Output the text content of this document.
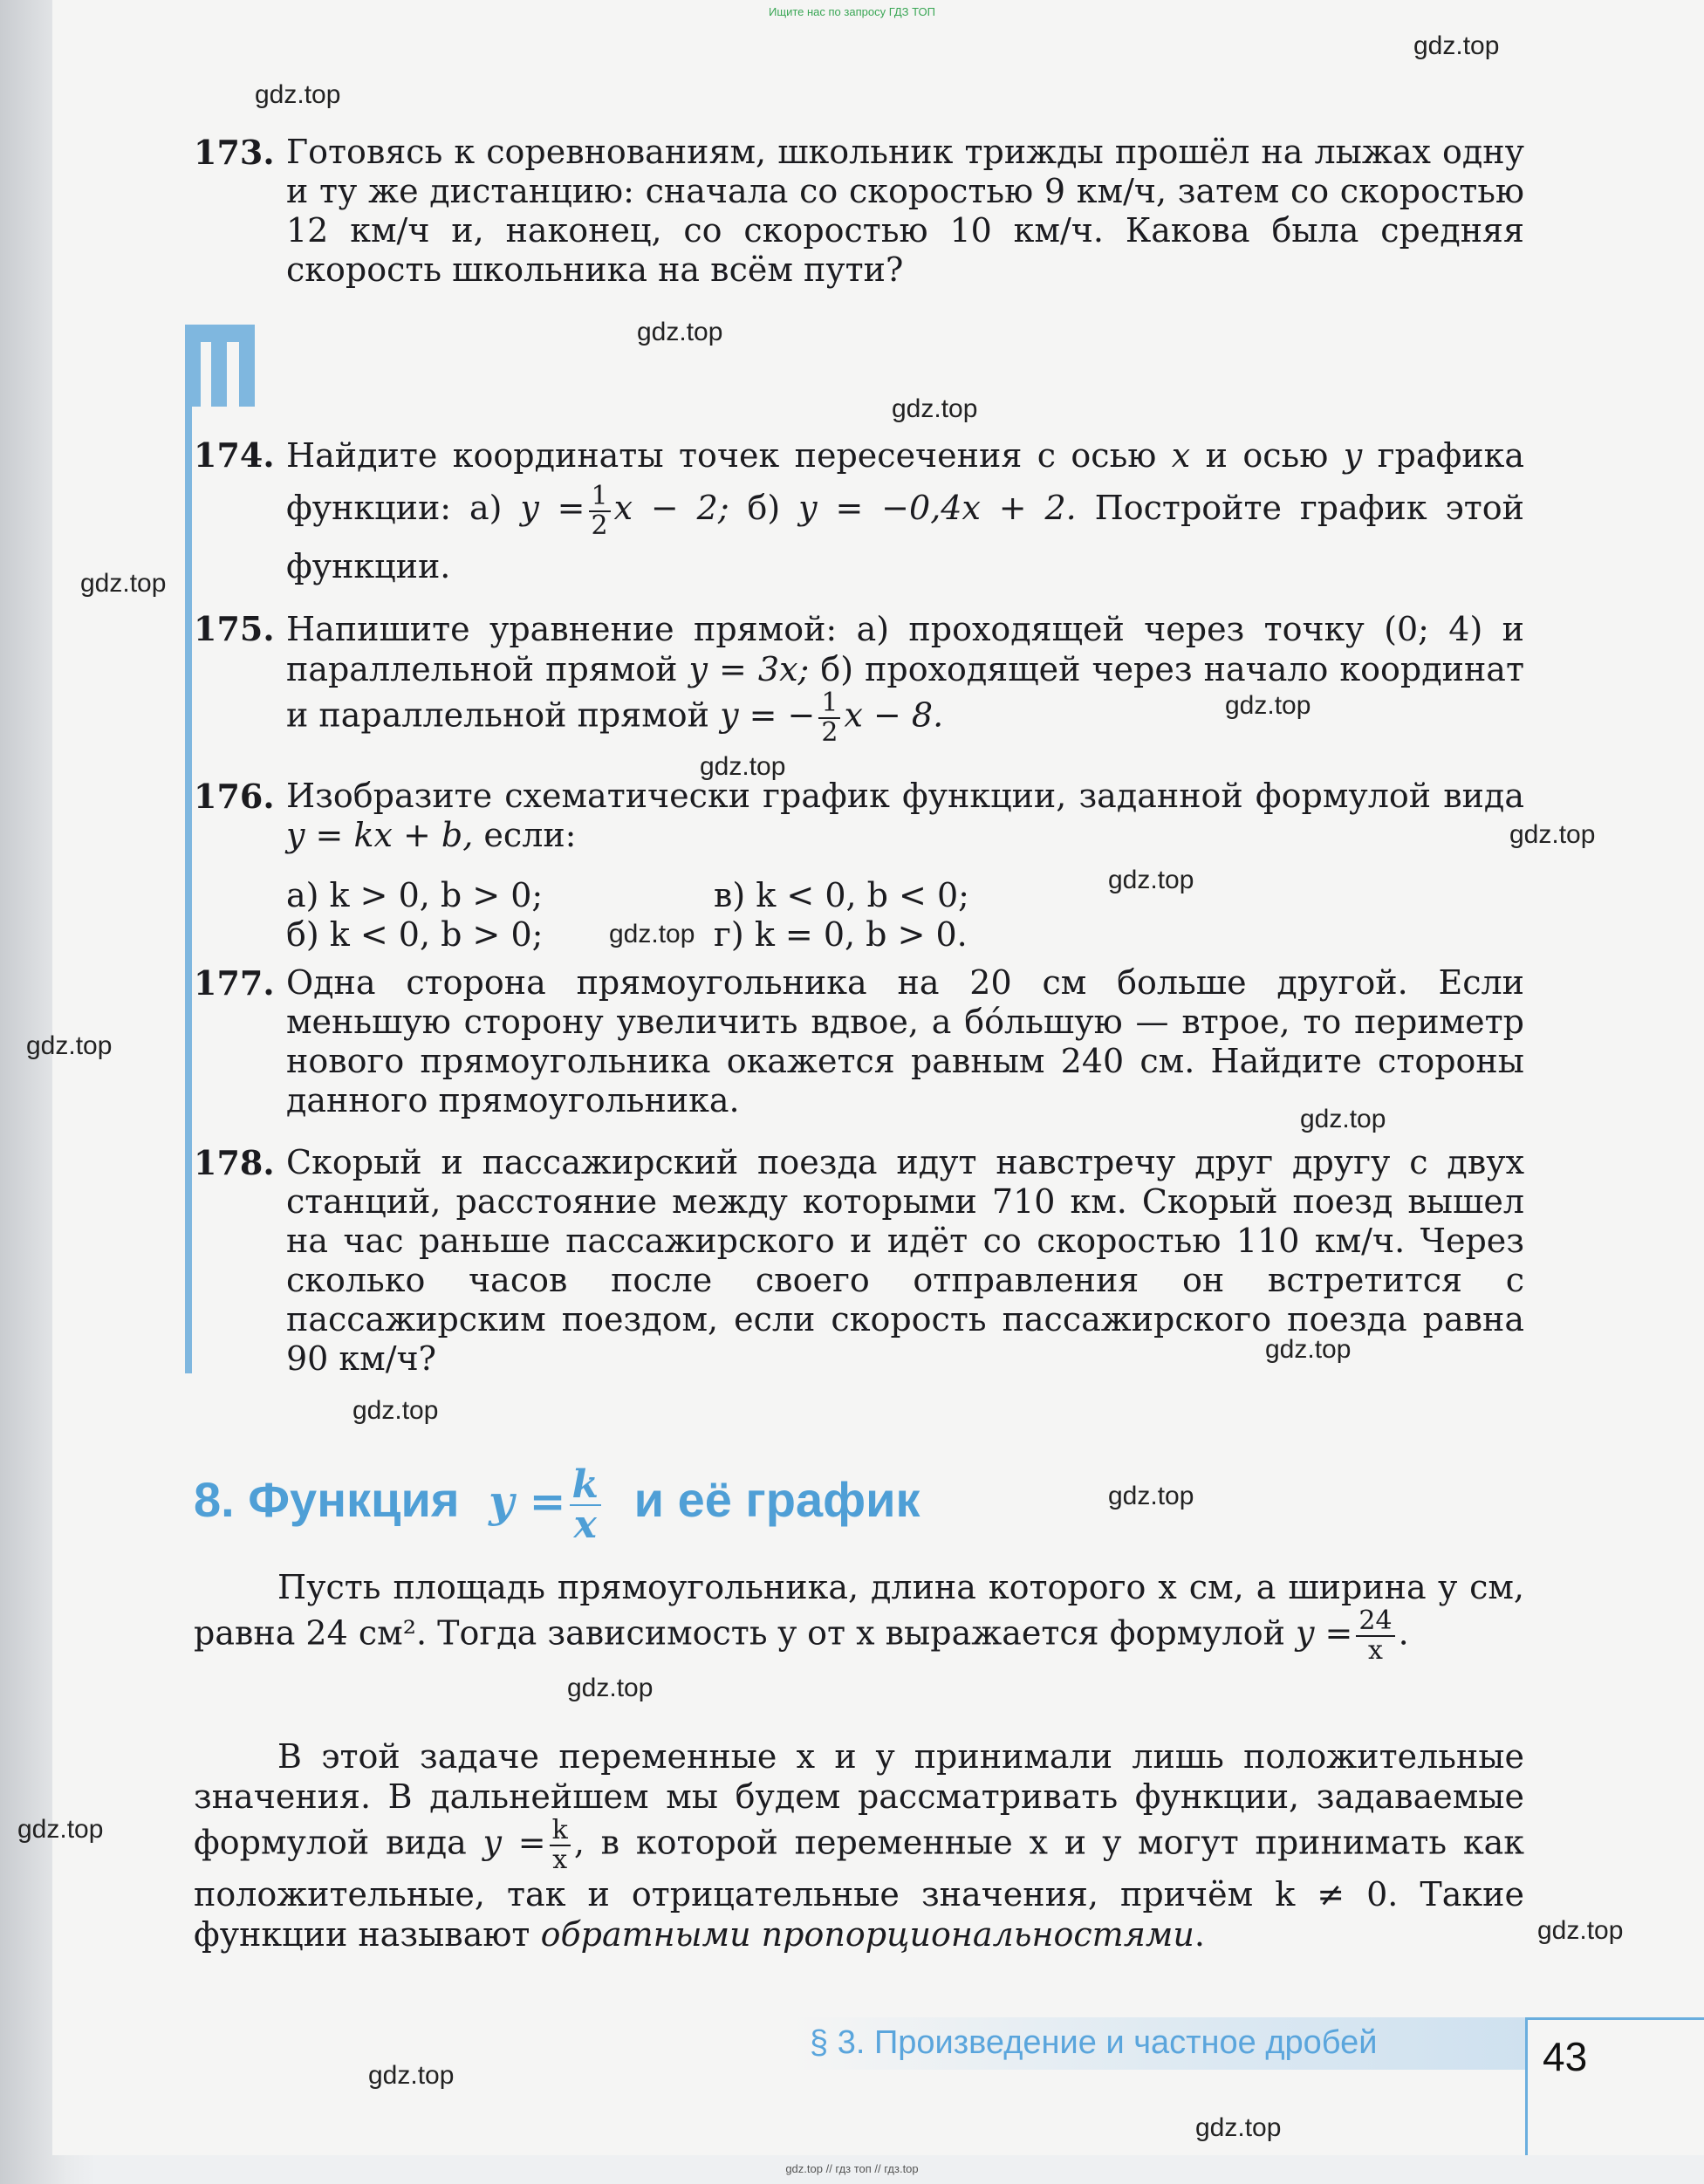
Ищите нас по запросу ГДЗ ТОП
gdz.top
gdz.top
gdz.top
gdz.top
gdz.top
gdz.top
gdz.top
gdz.top
gdz.top
gdz.top
gdz.top
gdz.top
gdz.top
gdz.top
gdz.top
gdz.top
gdz.top
gdz.top
gdz.top
gdz.top
173. Готовясь к соревнованиям, школьник трижды прошёл на лыжах одну и ту же дистанцию: сначала со скоростью 9 км/ч, затем со скоростью 12 км/ч и, наконец, со скоростью 10 км/ч. Какова была средняя скорость школьника на всём пути?
174. Найдите координаты точек пересечения с осью x и осью y графика функции: а) $y = \frac{1}{2}$ x − 2; б) y = −0,4x + 2. Постройте график этой функции.
175. Напишите уравнение прямой: а) проходящей через точку (0; 4) и параллельной прямой y = 3x; б) проходящей через начало координат и параллельной прямой y = − $\frac{1}{2}$ x − 8.
176. Изобразите схематически график функции, заданной формулой вида y = kx + b, если:
а) k > 0, b > 0;	в) k < 0, b < 0;
б) k < 0, b > 0;	г) k = 0, b > 0.
177. Одна сторона прямоугольника на 20 см больше другой. Если меньшую сторону увеличить вдвое, а бóльшую — втрое, то периметр нового прямоугольника окажется равным 240 см. Найдите стороны данного прямоугольника.
178. Скорый и пассажирский поезда идут навстречу друг другу с двух станций, расстояние между которыми 710 км. Скорый поезд вышел на час раньше пассажирского и идёт со скоростью 110 км/ч. Через сколько часов после своего отправления он встретится с пассажирским поездом, если скорость пассажирского поезда равна 90 км/ч?
8. Функция $y = \frac{k}{x}$ и её график
Пусть площадь прямоугольника, длина которого x см, а ширина y см, равна 24 см². Тогда зависимость y от x выражается формулой $y = \frac{24}{x}$ .
В этой задаче переменные x и y принимали лишь положительные значения. В дальнейшем мы будем рассматривать функции, задаваемые формулой вида $y = \frac{k}{x}$ , в которой переменные x и y могут принимать как положительные, так и отрицательные значения, причём k ≠ 0. Такие функции называют обратными пропорциональностями.
§ 3. Произведение и частное дробей	43
gdz.top // гдз топ // гдз.top
